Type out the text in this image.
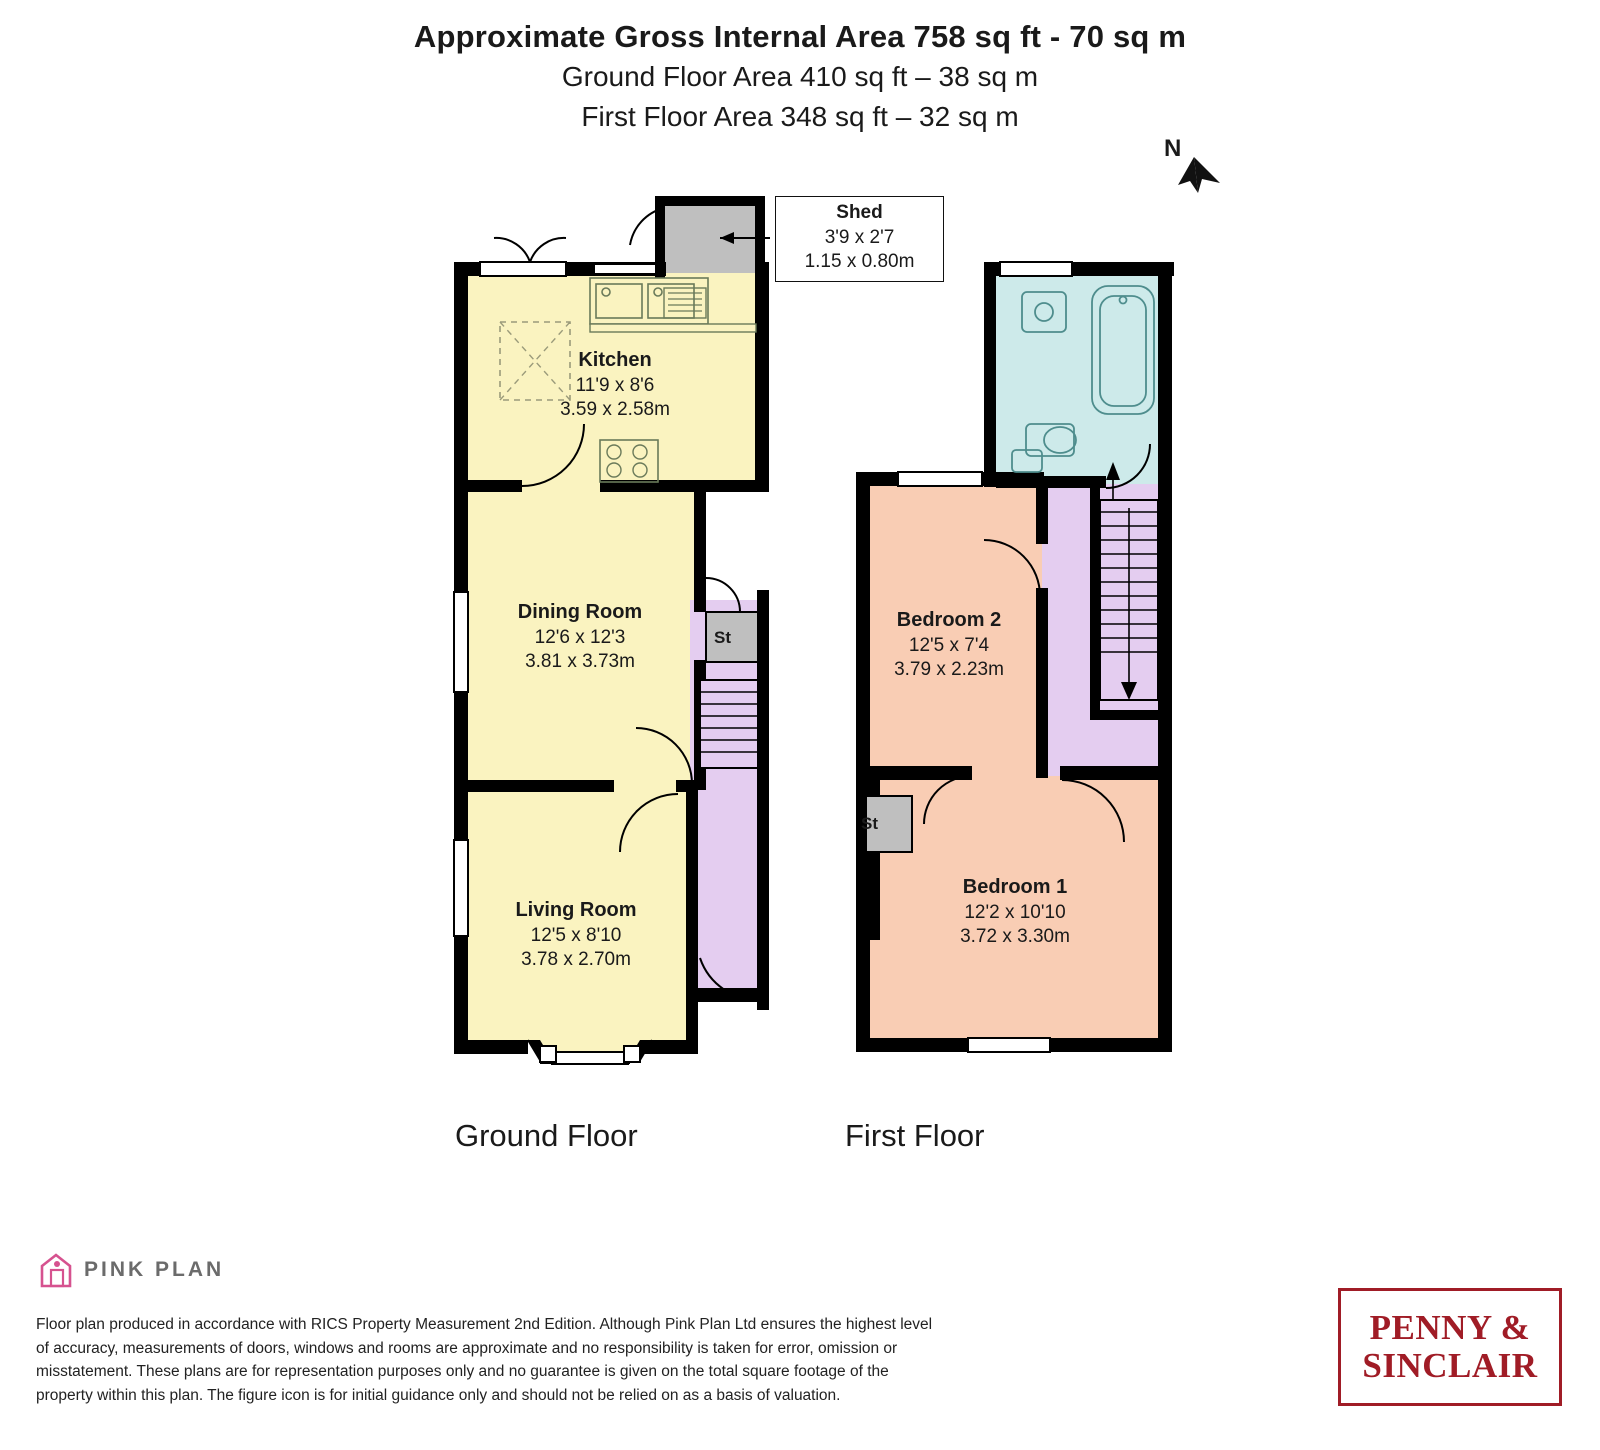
Approximate Gross Internal Area 758 sq ft - 70 sq m
Ground Floor Area 410 sq ft – 38 sq m
First Floor Area 348 sq ft – 32 sq m
N
Kitchen
11'9 x 8'6
3.59 x 2.58m
Dining Room
12'6 x 12'3
3.81 x 3.73m
Living Room
12'5 x 8'10
3.78 x 2.70m
Bedroom 2
12'5 x 7'4
3.79 x 2.23m
Bedroom 1
12'2 x 10'10
3.72 x 3.30m
St
St
Shed
3'9 x 2'7
1.15 x 0.80m
Ground Floor	First Floor
PINK PLAN
Floor plan produced in accordance with RICS Property Measurement 2nd Edition. Although Pink Plan Ltd ensures the highest level of accuracy, measurements of doors, windows and rooms are approximate and no responsibility is taken for error, omission or misstatement. These plans are for representation purposes only and no guarantee is given on the total square footage of the property within this plan. The figure icon is for initial guidance only and should not be relied on as a basis of valuation.
PENNY &
SINCLAIR
